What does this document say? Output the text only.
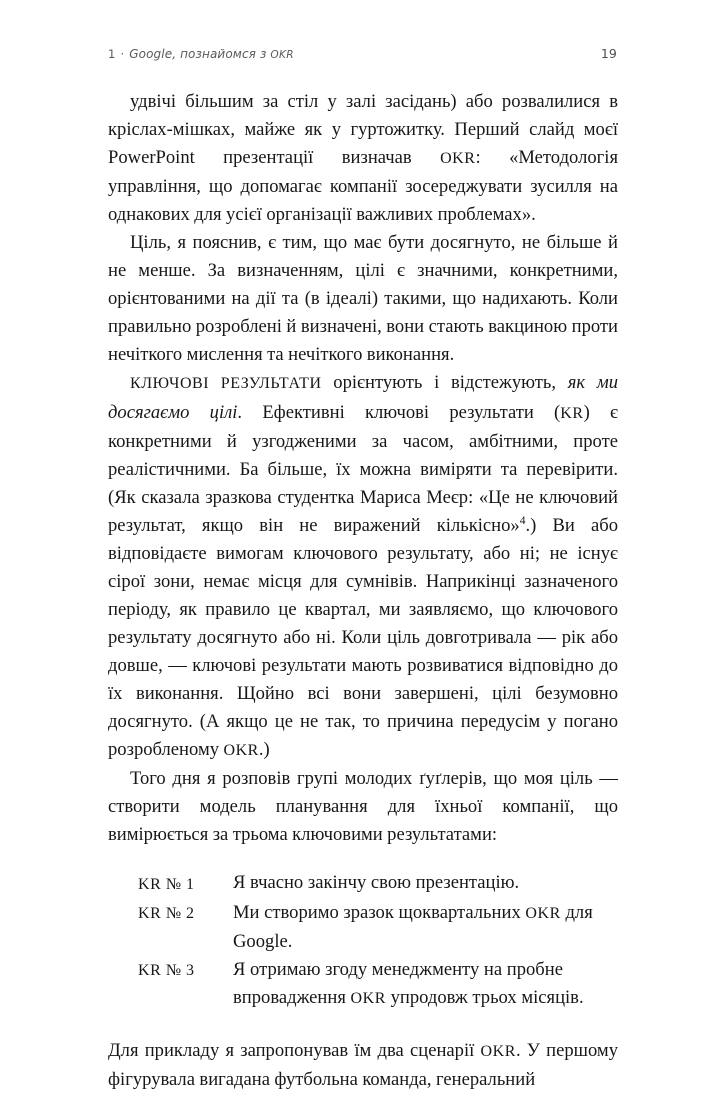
1 · Google, познайомся з OKR	19

удвічі більшим за стіл у залі засідань) або розвалилися в кріслах-мішках, майже як у гуртожитку. Перший слайд моєї PowerPoint презентації визначав OKR: «Методологія управління, що допомагає компанії зосереджувати зусилля на однакових для усієї організації важливих проблемах».

Ціль, я пояснив, є тим, що має бути досягнуто, не більше й не менше. За визначенням, цілі є значними, конкретними, орієнтованими на дії та (в ідеалі) такими, що надихають. Коли правильно розроблені й визначені, вони стають вакциною проти нечіткого мислення та нечіткого виконання.

КЛЮЧОВІ РЕЗУЛЬТАТИ орієнтують і відстежують, як ми досягаємо цілі. Ефективні ключові результати (KR) є конкретними й узгодженими за часом, амбітними, проте реалістичними. Ба більше, їх можна виміряти та перевірити. (Як сказала зразкова студентка Мариса Меєр: «Це не ключовий результат, якщо він не виражений кількісно»$^4$.) Ви або відповідаєте вимогам ключового результату, або ні; не існує сірої зони, немає місця для сумнівів. Наприкінці зазначеного періоду, як правило це квартал, ми заявляємо, що ключового результату досягнуто або ні. Коли ціль довготривала — рік або довше, — ключові результати мають розвиватися відповідно до їх виконання. Щойно всі вони завершені, цілі безумовно досягнуто. (А якщо це не так, то причина передусім у погано розробленому OKR.)

Того дня я розповів групі молодих ґуґлерів, що моя ціль — створити модель планування для їхньої компанії, що вимірюється за трьома ключовими результатами:

KR № 1	Я вчасно закінчу свою презентацію.
KR № 2	Ми створимо зразок щоквартальних OKR для Google.
KR № 3	Я отримаю згоду менеджменту на пробне впровадження OKR упродовж трьох місяців.

Для прикладу я запропонував їм два сценарії OKR. У першому фігурувала вигадана футбольна команда, генеральний
